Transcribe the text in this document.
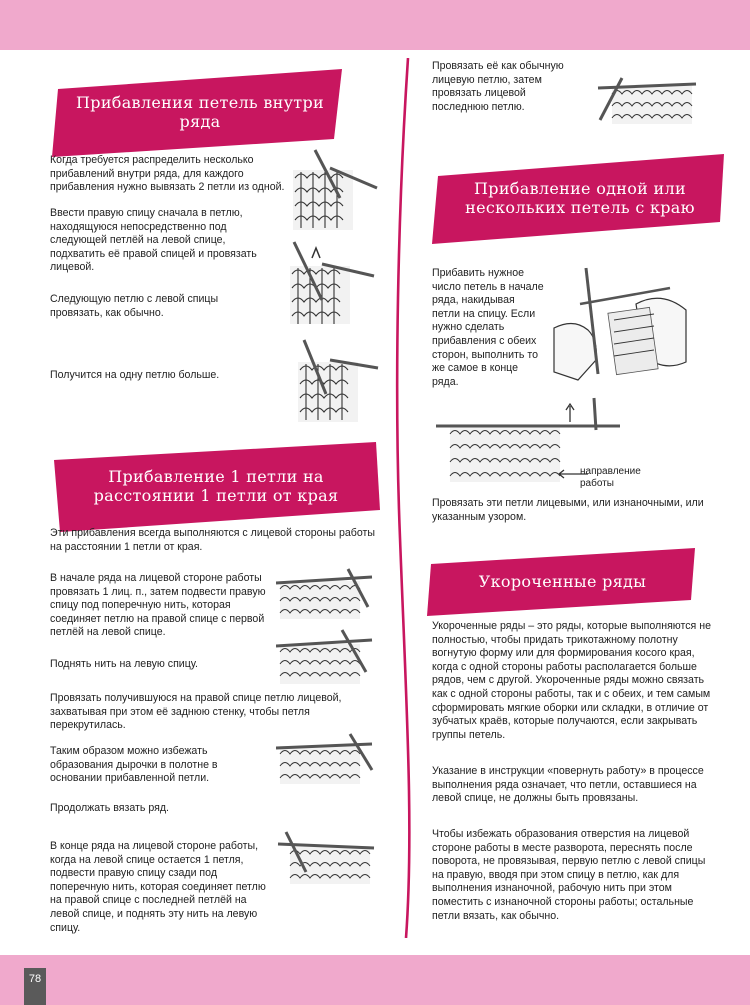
78
Прибавления петель внутри ряда
Когда требуется распределить несколько прибавлений внутри ряда, для каждого прибавления нужно вывязать 2 петли из одной.
Ввести правую спицу сначала в петлю, находящуюся непосредственно под следующей петлёй на левой спице, подхватить её правой спицей и провязать лицевой.
Следующую петлю с левой спицы провязать, как обычно.
Получится на одну петлю больше.
Прибавление 1 петли на расстоянии 1 петли от края
Эти прибавления всегда выполняются с лицевой стороны работы на расстоянии 1 петли от края.
В начале ряда на лицевой стороне работы провязать 1 лиц. п., затем подвести правую спицу под поперечную нить, которая соединяет петлю на правой спице с первой петлёй на левой спице.
Поднять нить на левую спицу.
Провязать получившуюся на правой спице петлю лицевой, захватывая при этом её заднюю стенку, чтобы петля перекрутилась.
Таким образом можно избежать образования дырочки в полотне в основании прибавленной петли.
Продолжать вязать ряд.
В конце ряда на лицевой стороне работы, когда на левой спице остается 1 петля, подвести правую спицу сзади под поперечную нить, которая соединяет петлю на правой спице с последней петлёй на левой спице, и поднять эту нить на левую спицу.
Провязать её как обычную лицевую петлю, затем провязать лицевой последнюю петлю.
Прибавление одной или нескольких петель с краю
Прибавить нужное число петель в начале ряда, накидывая петли на спицу. Если нужно сделать прибавления с обеих сторон, выполнить то же самое в конце ряда.
направление работы
Провязать эти петли лицевыми, или изнаночными, или указанным узором.
Укороченные ряды
Укороченные ряды – это ряды, которые выполняются не полностью, чтобы придать трикотажному полотну вогнутую форму или для формирования косого края, когда с одной стороны работы располагается больше рядов, чем с другой. Укороченные ряды можно связать как с одной стороны работы, так и с обеих, и тем самым сформировать мягкие оборки или складки, в отличие от зубчатых краёв, которые получаются, если закрывать группы петель.
Указание в инструкции «повернуть работу» в процессе выполнения ряда означает, что петли, оставшиеся на левой спице, не должны быть провязаны.
Чтобы избежать образования отверстия на лицевой стороне работы в месте разворота, переснять после поворота, не провязывая, первую петлю с левой спицы на правую, вводя при этом спицу в петлю, как для выполнения изнаночной, рабочую нить при этом поместить с изнаночной стороны работы; остальные петли вязать, как обычно.
